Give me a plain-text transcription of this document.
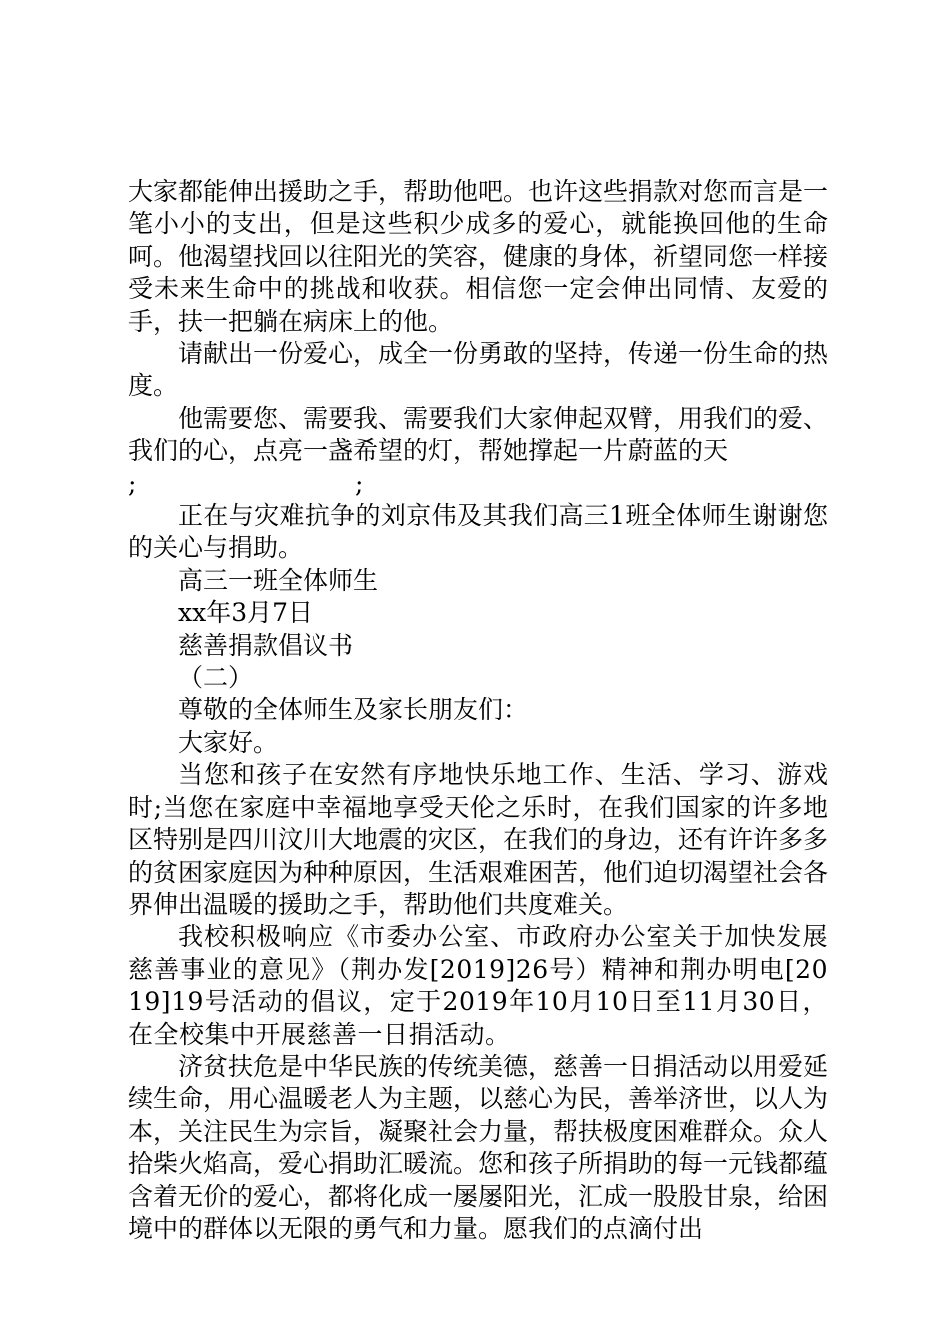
大家都能伸出援助之手，帮助他吧。也许这些捐款对您而言是一笔小小的支出，但是这些积少成多的爱心，就能换回他的生命呵。他渴望找回以往阳光的笑容，健康的身体，祈望同您一样接受未来生命中的挑战和收获。相信您一定会伸出同情、友爱的手，扶一把躺在病床上的他。

请献出一份爱心，成全一份勇敢的坚持，传递一份生命的热度。

他需要您、需要我、需要我们大家伸起双臂，用我们的爱、我们的心，点亮一盏希望的灯，帮她撑起一片蔚蓝的天

;	;

正在与灾难抗争的刘京伟及其我们高三1班全体师生谢谢您的关心与捐助。

高三一班全体师生

xx年3月7日

慈善捐款倡议书

（二）

尊敬的全体师生及家长朋友们：

大家好。

当您和孩子在安然有序地快乐地工作、生活、学习、游戏时;当您在家庭中幸福地享受天伦之乐时，在我们国家的许多地区特别是四川汶川大地震的灾区，在我们的身边，还有许许多多的贫困家庭因为种种原因，生活艰难困苦，他们迫切渴望社会各界伸出温暖的援助之手，帮助他们共度难关。

我校积极响应《市委办公室、市政府办公室关于加快发展慈善事业的意见》（荆办发[2019]26号）精神和荆办明电[2019]19号活动的倡议，定于2019年10月10日至11月30日，在全校集中开展慈善一日捐活动。

济贫扶危是中华民族的传统美德，慈善一日捐活动以用爱延续生命，用心温暖老人为主题，以慈心为民，善举济世，以人为本，关注民生为宗旨，凝聚社会力量，帮扶极度困难群众。众人拾柴火焰高，爱心捐助汇暖流。您和孩子所捐助的每一元钱都蕴含着无价的爱心，都将化成一屡屡阳光，汇成一股股甘泉，给困境中的群体以无限的勇气和力量。愿我们的点滴付出
